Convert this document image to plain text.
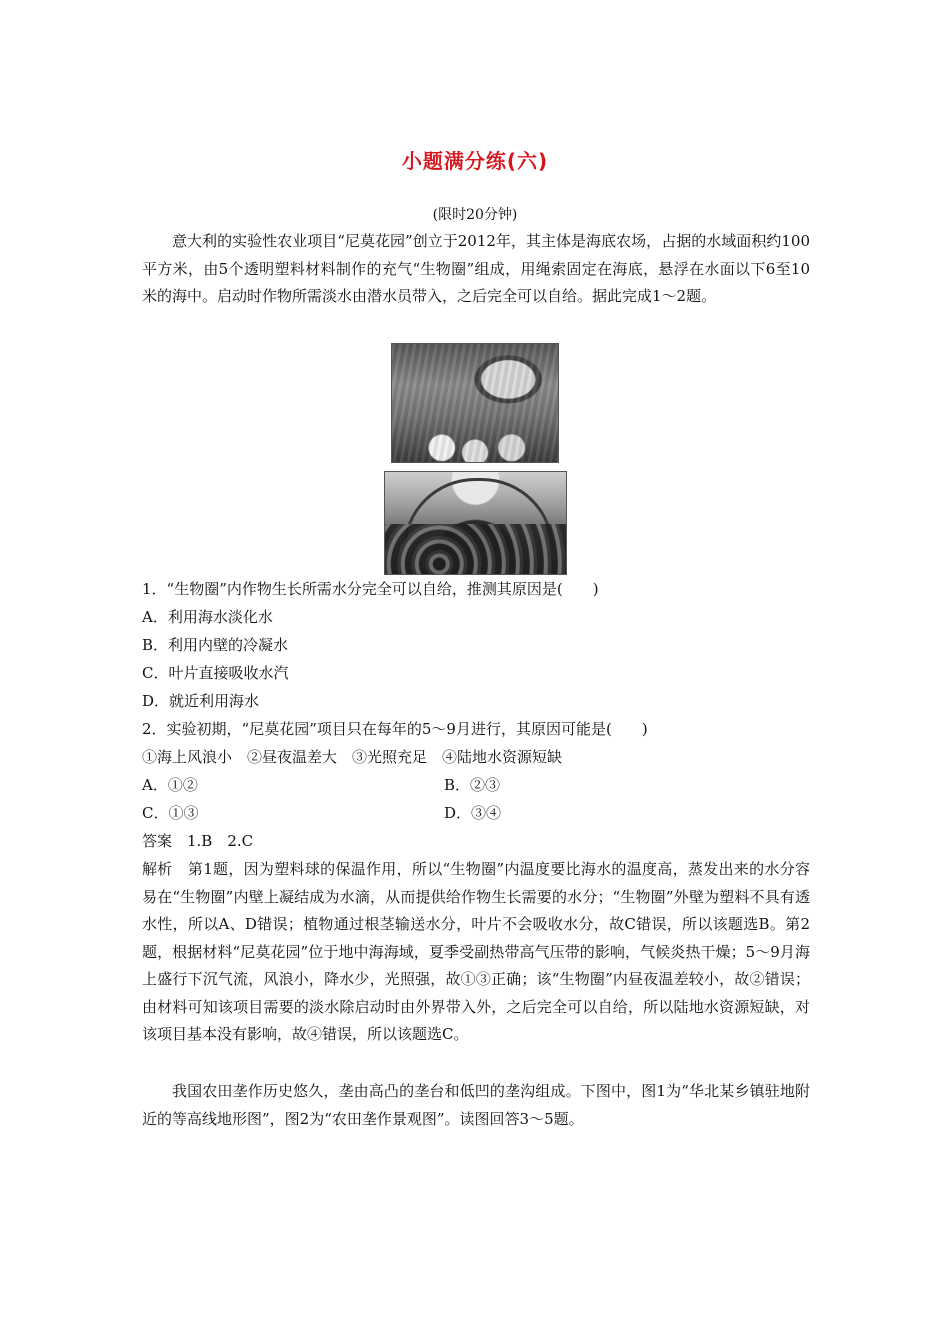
小题满分练(六)
(限时20分钟)

意大利的实验性农业项目“尼莫花园”创立于2012年，其主体是海底农场，占据的水域面积约100平方米，由5个透明塑料材料制作的充气“生物圈”组成，用绳索固定在海底，悬浮在水面以下6至10米的海中。启动时作物所需淡水由潜水员带入，之后完全可以自给。据此完成1～2题。

1．“生物圈”内作物生长所需水分完全可以自给，推测其原因是(　　)

A．利用海水淡化水

B．利用内壁的冷凝水

C．叶片直接吸收水汽

D．就近利用海水

2．实验初期，“尼莫花园”项目只在每年的5～9月进行，其原因可能是(　　)

①海上风浪小　②昼夜温差大　③光照充足　④陆地水资源短缺

A．①②	B．②③

C．①③	D．③④

答案　1.B　2.C

解析　第1题，因为塑料球的保温作用，所以“生物圈”内温度要比海水的温度高，蒸发出来的水分容易在“生物圈”内壁上凝结成为水滴，从而提供给作物生长需要的水分；“生物圈”外壁为塑料不具有透水性，所以A、D错误；植物通过根茎输送水分，叶片不会吸收水分，故C错误，所以该题选B。第2题，根据材料“尼莫花园”位于地中海海域，夏季受副热带高气压带的影响，气候炎热干燥；5～9月海上盛行下沉气流，风浪小，降水少，光照强，故①③正确；该“生物圈”内昼夜温差较小，故②错误；由材料可知该项目需要的淡水除启动时由外界带入外，之后完全可以自给，所以陆地水资源短缺，对该项目基本没有影响，故④错误，所以该题选C。

我国农田垄作历史悠久，垄由高凸的垄台和低凹的垄沟组成。下图中，图1为“华北某乡镇驻地附近的等高线地形图”，图2为“农田垄作景观图”。读图回答3～5题。
